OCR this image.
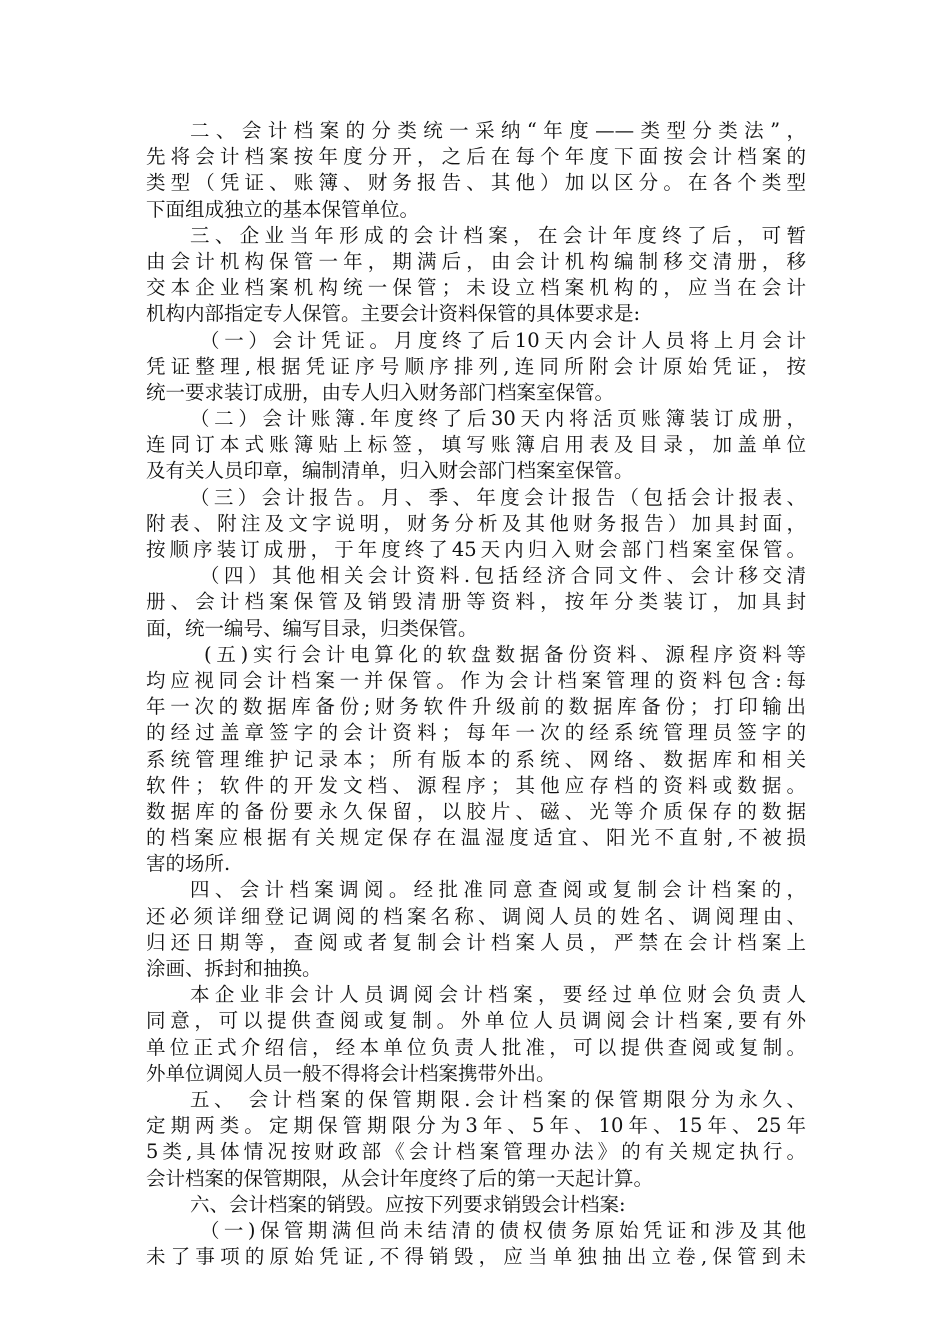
二、会计档案的分类统一采纳“年度——类型分类法”，
先将会计档案按年度分开，之后在每个年度下面按会计档案的
类型（凭证、账簿、财务报告、其他）加以区分。在各个类型
下面组成独立的基本保管单位。
三、企业当年形成的会计档案，在会计年度终了后，可暂
由会计机构保管一年，期满后，由会计机构编制移交清册，移
交本企业档案机构统一保管；未设立档案机构的，应当在会计
机构内部指定专人保管。主要会计资料保管的具体要求是:
（一）会计凭证。月度终了后10天内会计人员将上月会计
凭证整理,根据凭证序号顺序排列,连同所附会计原始凭证，按
统一要求装订成册，由专人归入财务部门档案室保管。
（二）会计账簿.年度终了后30天内将活页账簿装订成册，
连同订本式账簿贴上标签，填写账簿启用表及目录，加盖单位
及有关人员印章，编制清单，归入财会部门档案室保管。
（三）会计报告。月、季、年度会计报告（包括会计报表、
附表、附注及文字说明，财务分析及其他财务报告）加具封面，
按顺序装订成册，于年度终了45天内归入财会部门档案室保管。
（四）其他相关会计资料.包括经济合同文件、会计移交清
册、会计档案保管及销毁清册等资料，按年分类装订，加具封
面，统一编号、编写目录，归类保管。
(五)实行会计电算化的软盘数据备份资料、源程序资料等
均应视同会计档案一并保管。作为会计档案管理的资料包含:每
年一次的数据库备份;财务软件升级前的数据库备份；打印输出
的经过盖章签字的会计资料；每年一次的经系统管理员签字的
系统管理维护记录本；所有版本的系统、网络、数据库和相关
软件；软件的开发文档、源程序；其他应存档的资料或数据。
数据库的备份要永久保留，以胶片、磁、光等介质保存的数据
的档案应根据有关规定保存在温湿度适宜、阳光不直射,不被损
害的场所.
四、会计档案调阅。经批准同意查阅或复制会计档案的，
还必须详细登记调阅的档案名称、调阅人员的姓名、调阅理由、
归还日期等，查阅或者复制会计档案人员，严禁在会计档案上
涂画、拆封和抽换。
本企业非会计人员调阅会计档案，要经过单位财会负责人
同意，可以提供查阅或复制。外单位人员调阅会计档案,要有外
单位正式介绍信，经本单位负责人批准，可以提供查阅或复制。
外单位调阅人员一般不得将会计档案携带外出。
五、 会计档案的保管期限.会计档案的保管期限分为永久、
定期两类。定期保管期限分为3年、5年、10年、15年、25年
5类,具体情况按财政部《会计档案管理办法》的有关规定执行。
会计档案的保管期限，从会计年度终了后的第一天起计算。
六、会计档案的销毁。应按下列要求销毁会计档案:
（一)保管期满但尚未结清的债权债务原始凭证和涉及其他
未了事项的原始凭证,不得销毁，应当单独抽出立卷,保管到未
